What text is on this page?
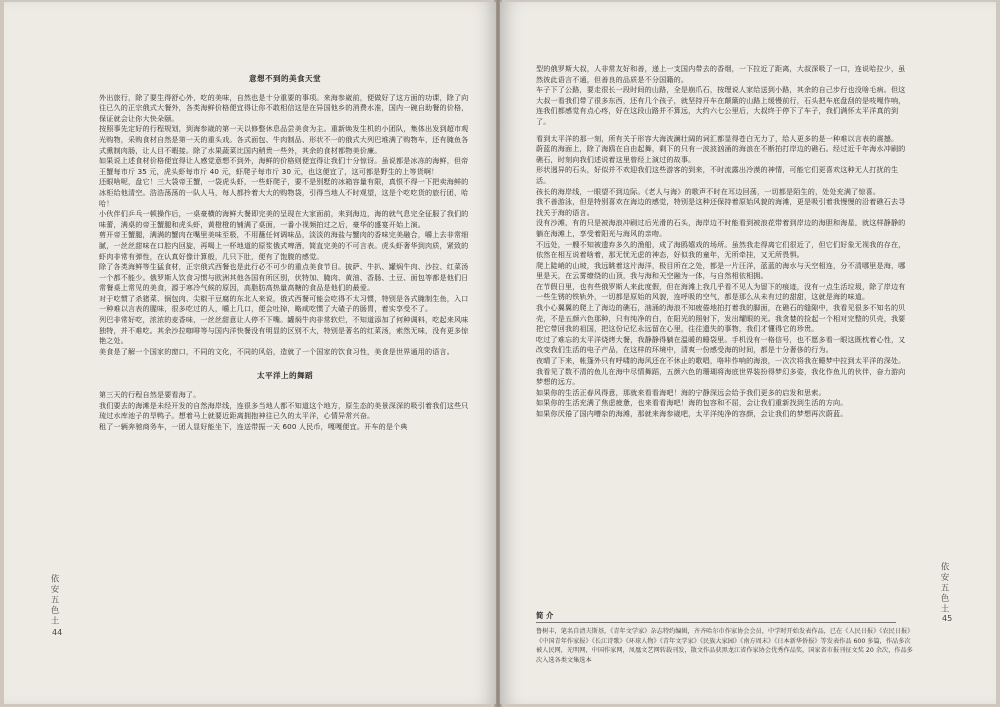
意想不到的美食天堂

外出旅行，除了要生得舒心外，吃的美味，自然也是十分重要的事项。来海参崴前，便做好了这方面的功课，除了向往已久的正宗俄式大餐外，各类海鲜价格便宜得让你不敢相信这是在异国他乡的消费水准，国内一碗自助餐的价格，保证就会让你大快朵颐。

按照事先定好的行程规划，到海参崴的第一天以修整休息品尝美食为主。重新焕发生机的小团队，集体出发到超市观光购物，采购食材自然是第一天的重头戏。各式面包、牛肉制品、形状不一的俄式大列巴堆满了购物车，还有腌鱼各式熏制肉肠，让人目不暇接。除了水果蔬菜比国内稍贵一些外，其余的食材都物美价廉。

如果说上述食材价格便宜得让人感觉意想不到外，海鲜的价格则便宜得让我们十分惊讶。虽说都是冰冻的海鲜，但帝王蟹每市斤 35 元，虎头虾每市斤 40 元，虾爬子每市斤 30 元，也这便宜了，这可都是野生的上等货啊！

还眼啥呢，盘它！三大袋帝王蟹，一袋虎头虾，一些虾爬子，要不是别墅的冰箱容量有限，真恨不得一下把卖海鲜的冰柜给他清空。浩浩荡荡的一队人马，每人都拎着大大的购物袋，引得当地人不时观望，这是个吃吃货的旅行团，哈哈！

小伙伴们乒乓一顿操作后，一桌豪横的海鲜大餐即完美的呈现在大家面前，来到海边，海的就气息完全征服了我们的味蕾，满桌的帝王蟹腿和虎头虾，黄橙橙的铺满了桌面，一番小视频拍过之后，豪华的盛宴开始上演。

剪开帝王蟹腿，满满的蟹肉在嘴里美味至极，不用蘸任何调味品，淡淡的海盐与蟹肉的香味完美融合，嚼上去非常细腻，一丝丝甜味在口腔内回旋，再喝上一杯地道的原浆俄式啤酒，简直完美的不可言表。虎头虾奢华到肉质，紧致的虾肉非常有弹性，在认真好像计算般，几只下肚，便有了饱腹的感觉。

除了各类海鲜等生猛食材，正宗俄式西餐也是此行必不可少的重点美食节目。披萨、牛扒、罐焖牛肉、沙拉、红菜汤一个都不能少。俄罗斯人饮食习惯与欧洲其他各国有所区别，伏特加、腌肉、黄油、香肠、土豆、面包等都是他们日常餐桌上常见的美食，源于寒冷气候的原因，高脂肪高热量高糖的食品是他们的最爱。

对于吃惯了杀猪菜、锅包肉、尖椒干豆腐的东北人来说，俄式西餐可能会吃得不太习惯，特别是各式腌制生鱼，入口一种难以言表的腥味，很多吃过的人，嚼上几口，便会吐掉，略咸吃惯了大碴子的肠胃，着实享受不了。

列巴非常好吃，浓浓的麦香味，一丝丝甜意让人停不下嘴。罐焖牛肉非常软烂，不知道添加了何种调料，吃起来风味独特，并不难吃。其余沙拉咖啡等与国内洋快餐没有明显的区别不大，特别是著名的红菜汤，索然无味，没有更多惊艳之处。

美食是了解一个国家的窗口，不同的文化，不同的风俗，造就了一个国家的饮食习性，美食是世界通用的语言。

太平洋上的舞蹈

第三天的行程自然是要看海了。

我们要去的海滩是未经开发的自然海岸线，连很多当地人都不知道这个地方，原生态的美景深深的吸引着我们这些只琉过水库池子的旱鸭子。想着马上就要近距离拥抱神往已久的太平洋，心情异常兴奋。

租了一辆奔驰商务车，一团人显好能坐下，连送带振一天 600 人民币，嘎嘎便宜。开车的是个典

依安五色土
44

型的俄罗斯大叔，人非常友好和善，递上一支国内带去的香烟，一下拉近了距离，大叔深吸了一口，连说哈拉少，虽然彼此语言不通，但善良的品质是不分国籍的。

车子下了公路，要走很长一段时间的山路，全是崩爪石，按理说人家给送到小路，其余的自己步行也没啥毛病。但这大叔一看我们带了很多东西，还有几个孩子，就坚持开车在颠簸的山路上缓慢前行，石头把车底盘刮的是吱嘎作响，连我们都感觉有点心疼，好在这段山路并不算远，大约六七公里后，大叔终于停下了车子，我们满怀太平洋真的到了。

看到太平洋的那一刻，所有关于形容大海波澜壮阔的词汇都显得苍白无力了，给人更多的是一种难以言表的震撼。

蔚蓝的海面上，除了海鸥在自由起舞，剩下的只有一波波汹涌的海浪在不断拍打岸边的礁石。经过近千年海水冲刷的礁石，时刻向我们述说着这里曾经上演过的故事。

形状迥异的石头，好似并不欢迎我们这些游客的到来，不时流露出冷漠的神情，可能它们更喜欢这种无人打扰的生活。

孩长的海岸线，一眼望不到边际。《老人与海》的歌声不时在耳边回荡，一切都是陌生的，处处充满了惊喜。

我不善游泳，但是特别喜欢在海边的感觉，特别是这种还保持着原始风貌的海滩，更是吸引着我慢慢的沿着礁石去寻找关于海的语言。

没有沙滩，有的只是被海浪冲刷过后光滑的石头，海岸边不时能看到被浪花带着到岸边的海胆和海星，就这样静静的躺在海滩上，享受着阳光与海风的亲吻。

不远处，一艘不知被遗弃多久的渔船，成了海鸥嬉戏的场所。虽然我走得离它们很近了，但它们好象无视我的存在，依然在相互说着啥着，那无忧无虑的神态，好似我的童年，无所牵挂，又无所畏惧。

爬上陡峭的山坡，我远眺着这片海洋，极目所在之处，都是一片汪洋，蓝蓝的海水与天空相连，分不清哪里是海，哪里是天，在云雾缭绕的山顶，我与海和天空融为一体，与自然相依相拥。

在节假日里，也有些俄罗斯人来此度假，但在海滩上我几乎看不见人为留下的痕迹，没有一点生活垃圾，除了岸边有一些生锈的铁轨外，一切都是原始的风貌，连呼吸的空气，都是那么从未有过的甜甜，这就是海的味道。

我小心翼翼的爬上了海边的礁石，汹涌的海浪不知疲倦地拍打着我的脚面，在礁石的缝隙中，我看见很多不知名的贝壳，不是五颜六色那种，只有纯净的白，在阳光的照射下，发出耀眼的光。我贪婪的捡起一个相对完整的贝壳，我要把它带回我的祖国，把这份记忆永远留在心里，往往遗失的事物，我们才懂得它的珍贵。

吃过了难忘的太平洋烧烤大餐，我静静得躺在温暖的睡袋里。手机没有一格信号，也不愿多看一眼这既枕着心性，又改变我们生活的电子产品，在这样的环境中，清爽一份感受海的时间，都是十分奢侈的行为。

夜晴了下来，帐篷外只有呼啸的海风还在不休止的歌唱，咯咔作响的海浪，一次次将我在睡梦中拉到太平洋的深处。我看见了数不清的鱼儿在海中尽情舞蹈，五颜六色的珊瑚将海底世界装扮得梦幻多姿，我化作鱼儿的伙伴，奋力游向梦想的远方。

如果你的生活正春风得意，那就来看看海吧！海的宁静深远会给予我们更多的启发和思索。

如果你的生活充满了焦虑疲惫，也来看看海吧！海的包容和不屈，会让我们重新找到生活的方向。

如果你厌倦了国内嘈杂的海滩，那就来海参崴吧，太平洋纯净的容颜，会让我们的梦想再次蔚蓝。

简 介
鲁树丰，笔名自清夫斯基，《青年文学家》杂志特约编辑，齐齐哈尔市作家协会会员，中学时开始发表作品，已在《人民日报》《农民日报》《中国青年作家报》《长江诗歌》《环球人物》《青年文学家》《民族大家园》《南方周末》《日本新华侨报》等发表作品 600 多篇，作品多次被人民网，光明网，中国作家网，凤凰文艺网转载刊发，散文作品获黑龙江省作家协会优秀作品奖，国家省市报刊征文奖 20 余次，作品多次入选各类文集选本
依安五色土
45
